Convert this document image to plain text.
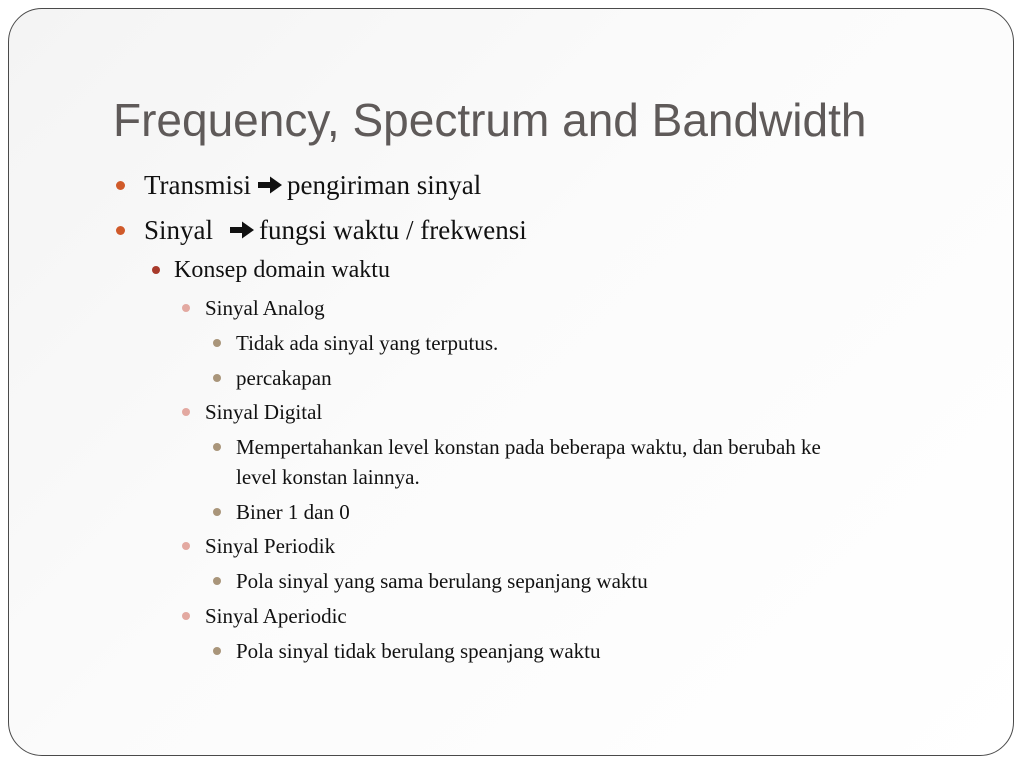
Frequency, Spectrum and Bandwidth
Transmisi pengiriman sinyal
Sinyal fungsi waktu / frekwensi
Konsep domain waktu
Sinyal Analog
Tidak ada sinyal yang terputus.
percakapan
Sinyal Digital
Mempertahankan level konstan pada beberapa waktu, dan berubah ke
level konstan lainnya.
Biner 1 dan 0
Sinyal Periodik
Pola sinyal yang sama berulang sepanjang waktu
Sinyal Aperiodic
Pola sinyal tidak berulang speanjang waktu
